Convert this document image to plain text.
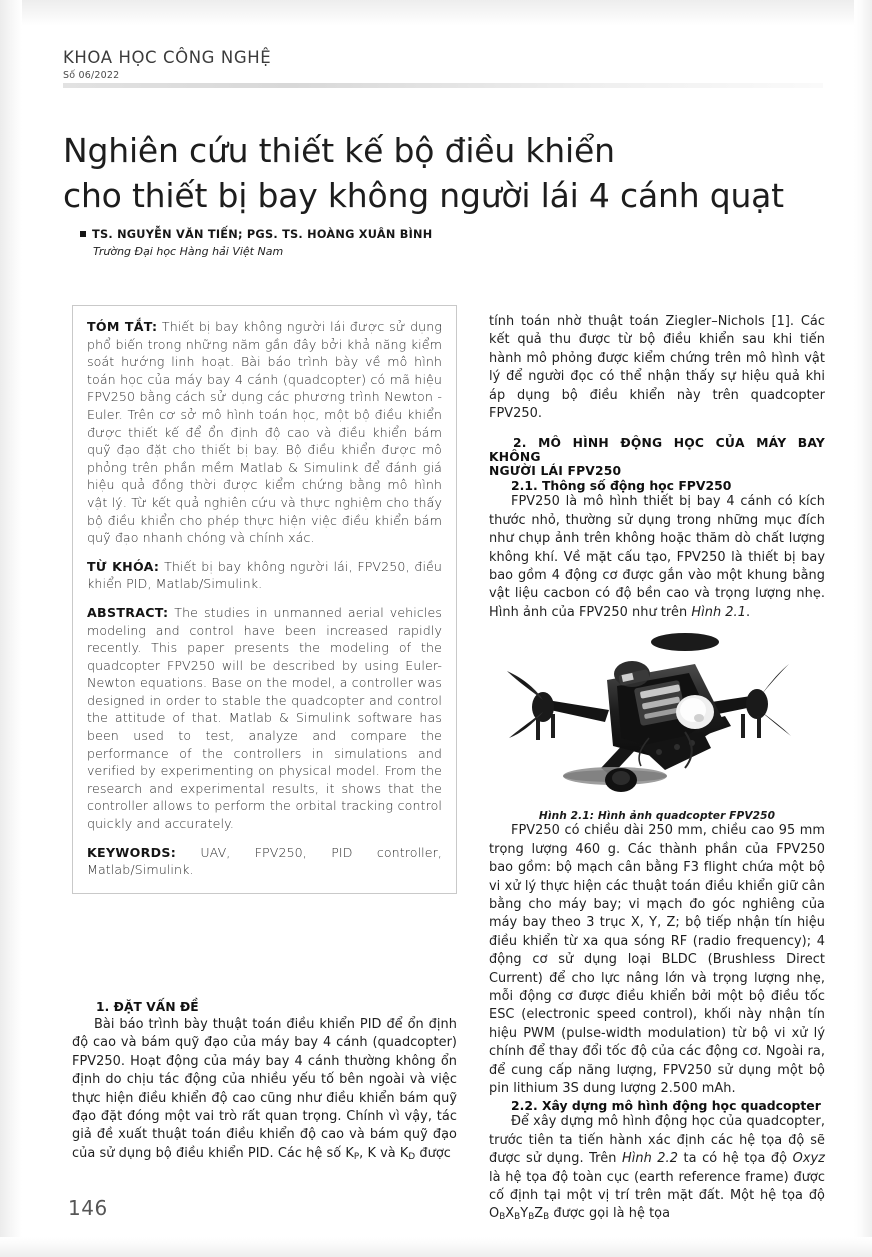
KHOA HỌC CÔNG NGHỆ
Số 06/2022
Nghiên cứu thiết kế bộ điều khiển
cho thiết bị bay không người lái 4 cánh quạt
TS. NGUYỄN VĂN TIẾN; PGS. TS. HOÀNG XUÂN BÌNH
Trường Đại học Hàng hải Việt Nam

TÓM TẮT: Thiết bị bay không người lái được sử dụng phổ biến trong những năm gần đây bởi khả năng kiểm soát hướng linh hoạt. Bài báo trình bày về mô hình toán học của máy bay 4 cánh (quadcopter) có mã hiệu FPV250 bằng cách sử dụng các phương trình Newton - Euler. Trên cơ sở mô hình toán học, một bộ điều khiển được thiết kế để ổn định độ cao và điều khiển bám quỹ đạo đặt cho thiết bị bay. Bộ điều khiển được mô phỏng trên phần mềm Matlab & Simulink để đánh giá hiệu quả đồng thời được kiểm chứng bằng mô hình vật lý. Từ kết quả nghiên cứu và thực nghiệm cho thấy bộ điều khiển cho phép thực hiện việc điều khiển bám quỹ đạo nhanh chóng và chính xác.

TỪ KHÓA: Thiết bị bay không người lái, FPV250, điều khiển PID, Matlab/Simulink.

ABSTRACT: The studies in unmanned aerial vehicles modeling and control have been increased rapidly recently. This paper presents the modeling of the quadcopter FPV250 will be described by using Euler-Newton equations. Base on the model, a controller was designed in order to stable the quadcopter and control the attitude of that. Matlab & Simulink software has been used to test, analyze and compare the performance of the controllers in simulations and verified by experimenting on physical model. From the research and experimental results, it shows that the controller allows to perform the orbital tracking control quickly and accurately.

KEYWORDS: UAV, FPV250, PID controller, Matlab/Simulink.

1. ĐẶT VẤN ĐỀ

Bài báo trình bày thuật toán điều khiển PID để ổn định độ cao và bám quỹ đạo của máy bay 4 cánh (quadcopter) FPV250. Hoạt động của máy bay 4 cánh thường không ổn định do chịu tác động của nhiều yếu tố bên ngoài và việc thực hiện điều khiển độ cao cũng như điều khiển bám quỹ đạo đặt đóng một vai trò rất quan trọng. Chính vì vậy, tác giả đề xuất thuật toán điều khiển độ cao và bám quỹ đạo của sử dụng bộ điều khiển PID. Các hệ số $K_P$, K và $K_D$ được

tính toán nhờ thuật toán Ziegler–Nichols [1]. Các kết quả thu được từ bộ điều khiển sau khi tiến hành mô phỏng được kiểm chứng trên mô hình vật lý để người đọc có thể nhận thấy sự hiệu quả khi áp dụng bộ điều khiển này trên quadcopter FPV250.

2. MÔ HÌNH ĐỘNG HỌC CỦA MÁY BAY KHÔNG
NGƯỜI LÁI FPV250
2.1. Thông số động học FPV250

FPV250 là mô hình thiết bị bay 4 cánh có kích thước nhỏ, thường sử dụng trong những mục đích như chụp ảnh trên không hoặc thăm dò chất lượng không khí. Về mặt cấu tạo, FPV250 là thiết bị bay bao gồm 4 động cơ được gắn vào một khung bằng vật liệu cacbon có độ bền cao và trọng lượng nhẹ. Hình ảnh của FPV250 như trên Hình 2.1.

Hình 2.1: Hình ảnh quadcopter FPV250

FPV250 có chiều dài 250 mm, chiều cao 95 mm trọng lượng 460 g. Các thành phần của FPV250 bao gồm: bộ mạch cân bằng F3 flight chứa một bộ vi xử lý thực hiện các thuật toán điều khiển giữ cân bằng cho máy bay; vi mạch đo góc nghiêng của máy bay theo 3 trục X, Y, Z; bộ tiếp nhận tín hiệu điều khiển từ xa qua sóng RF (radio frequency); 4 động cơ sử dụng loại BLDC (Brushless Direct Current) để cho lực nâng lớn và trọng lượng nhẹ, mỗi động cơ được điều khiển bởi một bộ điều tốc ESC (electronic speed control), khối này nhận tín hiệu PWM (pulse-width modulation) từ bộ vi xử lý chính để thay đổi tốc độ của các động cơ. Ngoài ra, để cung cấp năng lượng, FPV250 sử dụng một bộ pin lithium 3S dung lượng 2.500 mAh.

2.2. Xây dựng mô hình động học quadcopter

Để xây dựng mô hình động học của quadcopter, trước tiên ta tiến hành xác định các hệ tọa độ sẽ được sử dụng. Trên Hình 2.2 ta có hệ tọa độ Oxyz là hệ tọa độ toàn cục (earth reference frame) được cố định tại một vị trí trên mặt đất. Một hệ tọa độ $O_BX_BY_BZ_B$ được gọi là hệ tọa

146
